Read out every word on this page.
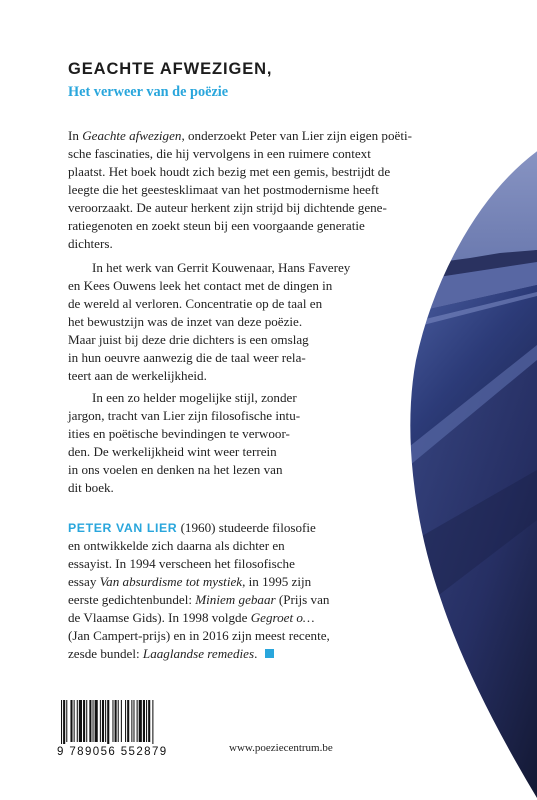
GEACHTE AFWEZIGEN,
Het verweer van de poëzie
In Geachte afwezigen, onderzoekt Peter van Lier zijn eigen poëti-
sche fascinaties, die hij vervolgens in een ruimere context
plaatst. Het boek houdt zich bezig met een gemis, bestrijdt de
leegte die het geestesklimaat van het postmodernisme heeft
veroorzaakt. De auteur herkent zijn strijd bij dichtende gene-
ratiegenoten en zoekt steun bij een voorgaande generatie
dichters.
In het werk van Gerrit Kouwenaar, Hans Faverey
en Kees Ouwens leek het contact met de dingen in
de wereld al verloren. Concentratie op de taal en
het bewustzijn was de inzet van deze poëzie.
Maar juist bij deze drie dichters is een omslag
in hun oeuvre aanwezig die de taal weer rela-
teert aan de werkelijkheid.
In een zo helder mogelijke stijl, zonder
jargon, tracht van Lier zijn filosofische intu-
ities en poëtische bevindingen te verwoor-
den. De werkelijkheid wint weer terrein
in ons voelen en denken na het lezen van
dit boek.
PETER VAN LIER (1960) studeerde filosofie
en ontwikkelde zich daarna als dichter en
essayist. In 1994 verscheen het filosofische
essay Van absurdisme tot mystiek, in 1995 zijn
eerste gedichtenbundel: Miniem gebaar (Prijs van
de Vlaamse Gids). In 1998 volgde Gegroet o…
(Jan Campert-prijs) en in 2016 zijn meest recente,
zesde bundel: Laaglandse remedies.
9 789056 552879	www.poeziecentrum.be
